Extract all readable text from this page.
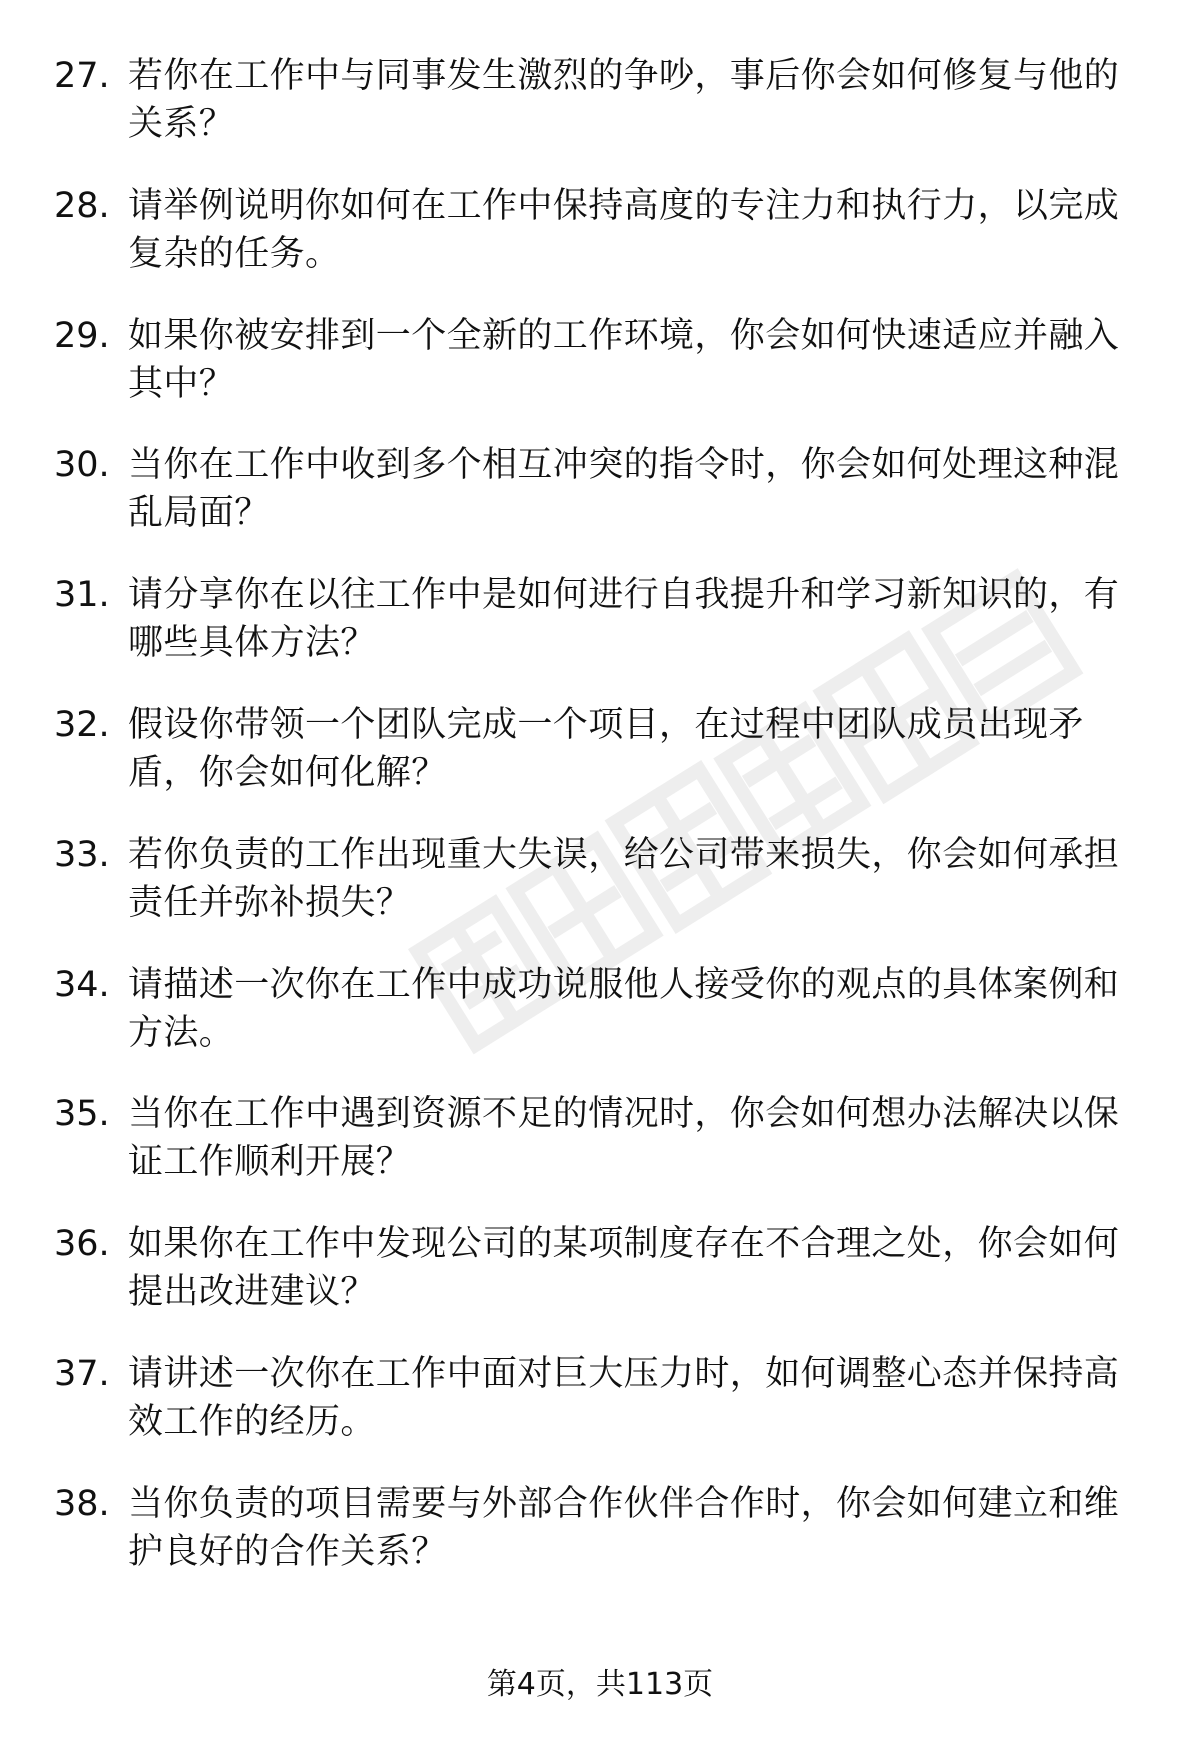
27. 若你在工作中与同事发生激烈的争吵，事后你会如何修复与他的关系？
28. 请举例说明你如何在工作中保持高度的专注力和执行力，以完成复杂的任务。
29. 如果你被安排到一个全新的工作环境，你会如何快速适应并融入其中？
30. 当你在工作中收到多个相互冲突的指令时，你会如何处理这种混乱局面？
31. 请分享你在以往工作中是如何进行自我提升和学习新知识的，有哪些具体方法？
32. 假设你带领一个团队完成一个项目，在过程中团队成员出现矛盾，你会如何化解？
33. 若你负责的工作出现重大失误，给公司带来损失，你会如何承担责任并弥补损失？
34. 请描述一次你在工作中成功说服他人接受你的观点的具体案例和方法。
35. 当你在工作中遇到资源不足的情况时，你会如何想办法解决以保证工作顺利开展？
36. 如果你在工作中发现公司的某项制度存在不合理之处，你会如何提出改进建议？
37. 请讲述一次你在工作中面对巨大压力时，如何调整心态并保持高效工作的经历。
38. 当你负责的项目需要与外部合作伙伴合作时，你会如何建立和维护良好的合作关系？
第4页，共113页
